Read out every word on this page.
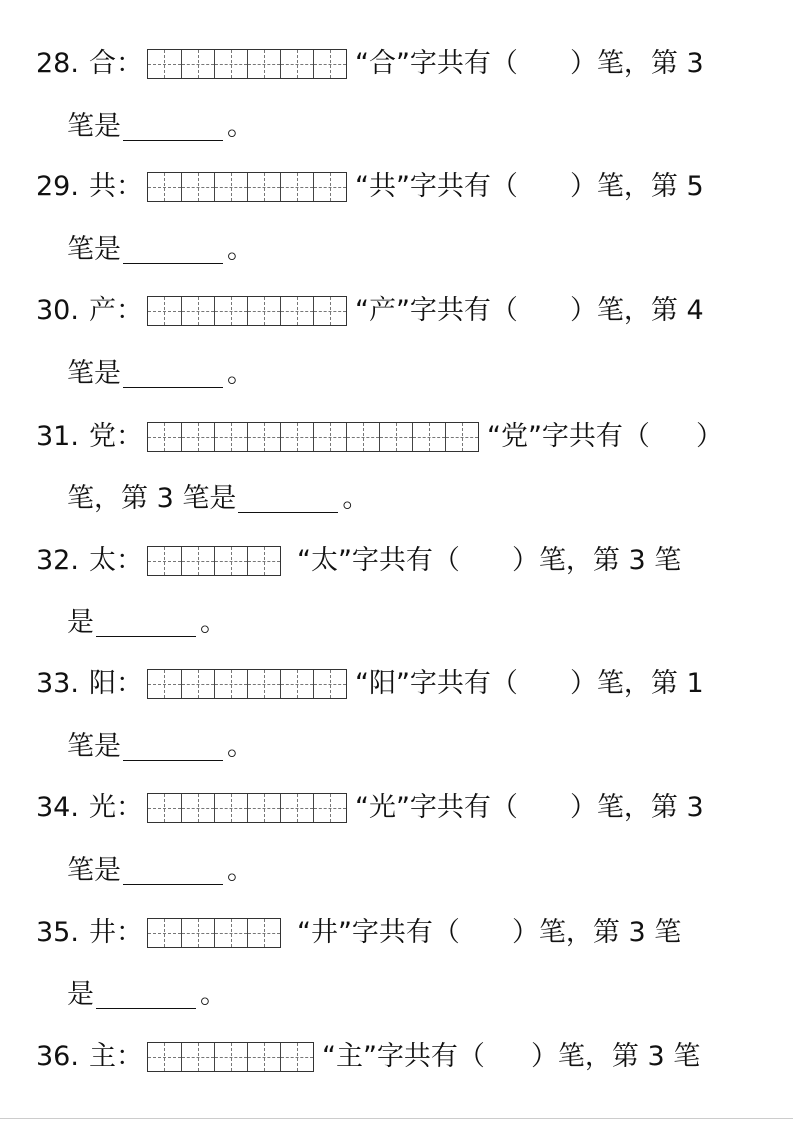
28. 合 ：	“合”字共有（ ）笔，第 3
笔是	。
29. 共 ：	“共”字共有（ ）笔，第 5
笔是	。
30. 产 ：	“产”字共有（ ）笔，第 4
笔是	。
31. 党 ：	“党”字共有（ ）
笔，第 3 笔是	。
32. 太 ：	“太”字共有（ ）笔，第 3 笔
是	。
33. 阳 ：	“阳”字共有（ ）笔，第 1
笔是	。
34. 光 ：	“光”字共有（ ）笔，第 3
笔是	。
35. 井 ：	“井”字共有（ ）笔，第 3 笔
是	。
36. 主 ：	“主”字共有（ ）笔，第 3 笔
